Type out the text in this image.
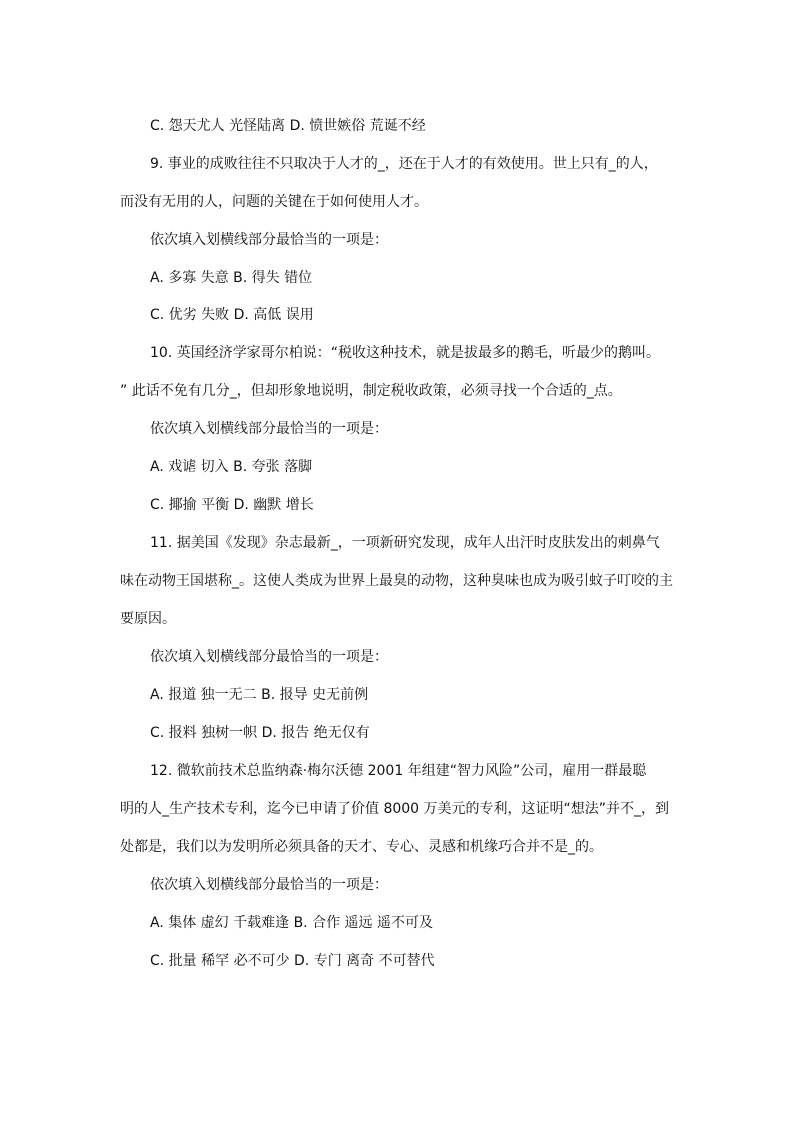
C. 怨天尤人 光怪陆离 D. 愤世嫉俗 荒诞不经
9. 事业的成败往往不只取决于人才的_，还在于人才的有效使用。世上只有_的人，
而没有无用的人，问题的关键在于如何使用人才。
依次填入划横线部分最恰当的一项是：
A. 多寡 失意 B. 得失 错位
C. 优劣 失败 D. 高低 误用
10. 英国经济学家哥尔柏说：“税收这种技术，就是拔最多的鹅毛，听最少的鹅叫。
” 此话不免有几分_，但却形象地说明，制定税收政策，必须寻找一个合适的_点。
依次填入划横线部分最恰当的一项是：
A. 戏谑 切入 B. 夸张 落脚
C. 揶揄 平衡 D. 幽默 增长
11. 据美国《发现》杂志最新_，一项新研究发现，成年人出汗时皮肤发出的刺鼻气
味在动物王国堪称_。这使人类成为世界上最臭的动物，这种臭味也成为吸引蚊子叮咬的主
要原因。
依次填入划横线部分最恰当的一项是：
A. 报道 独一无二 B. 报导 史无前例
C. 报料 独树一帜 D. 报告 绝无仅有
12. 微软前技术总监纳森·梅尔沃德 2001 年组建“智力风险”公司，雇用一群最聪
明的人_生产技术专利，迄今已申请了价值 8000 万美元的专利，这证明“想法”并不_，到
处都是，我们以为发明所必须具备的天才、专心、灵感和机缘巧合并不是_的。
依次填入划横线部分最恰当的一项是：
A. 集体 虚幻 千载难逢 B. 合作 遥远 遥不可及
C. 批量 稀罕 必不可少 D. 专门 离奇 不可替代
